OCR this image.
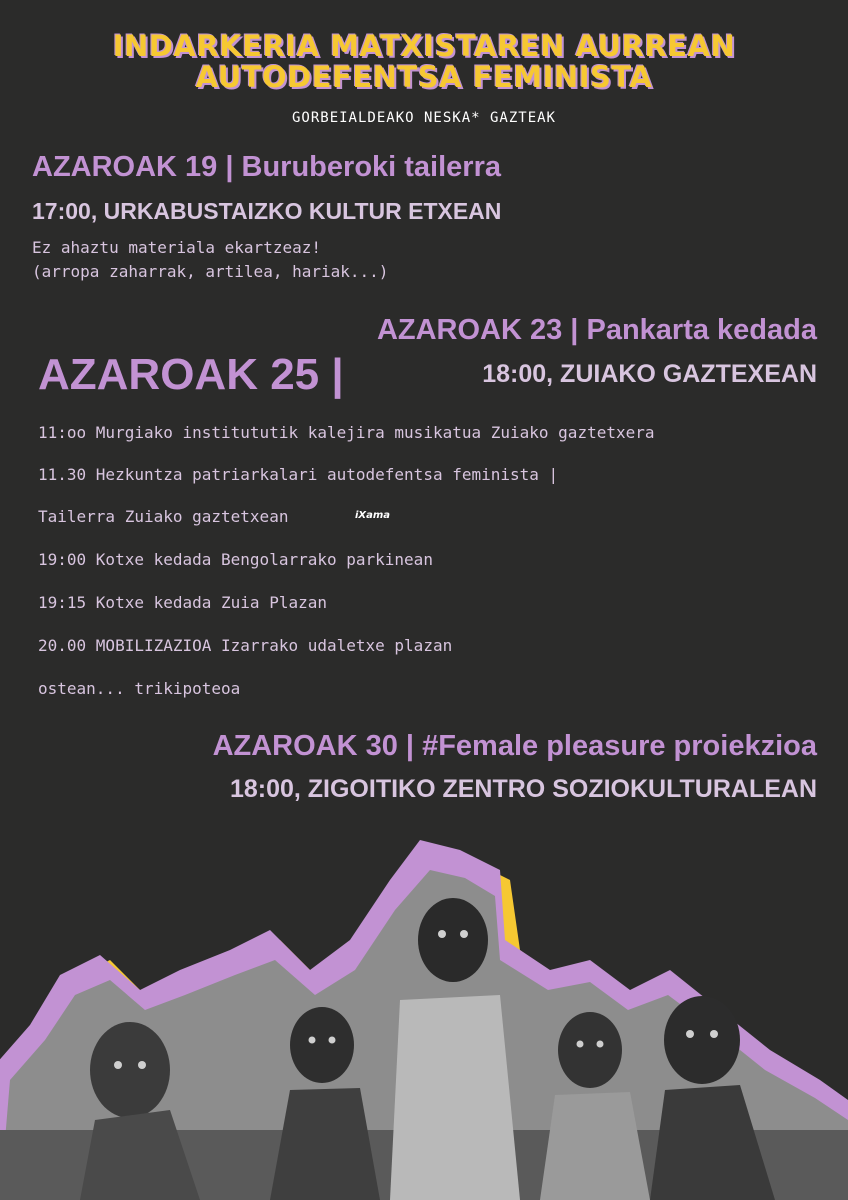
INDARKERIA MATXISTAREN AURREAN
AUTODEFENTSA FEMINISTA
GORBEIALDEAKO NESKA* GAZTEAK
AZAROAK 19 | Buruberoki tailerra
17:00, URKABUSTAIZKO KULTUR ETXEAN
Ez ahaztu materiala ekartzeaz!
(arropa zaharrak, artilea, hariak...)
AZAROAK 23 | Pankarta kedada
18:00, ZUIAKO GAZTEXEAN
AZAROAK 25 |
11:oo Murgiako institututik kalejira musikatua Zuiako gaztetxera
11.30 Hezkuntza patriarkalari autodefentsa feminista |
Tailerra Zuiako gaztetxean	iXama
19:00 Kotxe kedada Bengolarrako parkinean
19:15 Kotxe kedada Zuia Plazan
20.00 MOBILIZAZIOA Izarrako udaletxe plazan
ostean... trikipoteoa
AZAROAK 30 | #Female pleasure proiekzioa
18:00, ZIGOITIKO ZENTRO SOZIOKULTURALEAN
